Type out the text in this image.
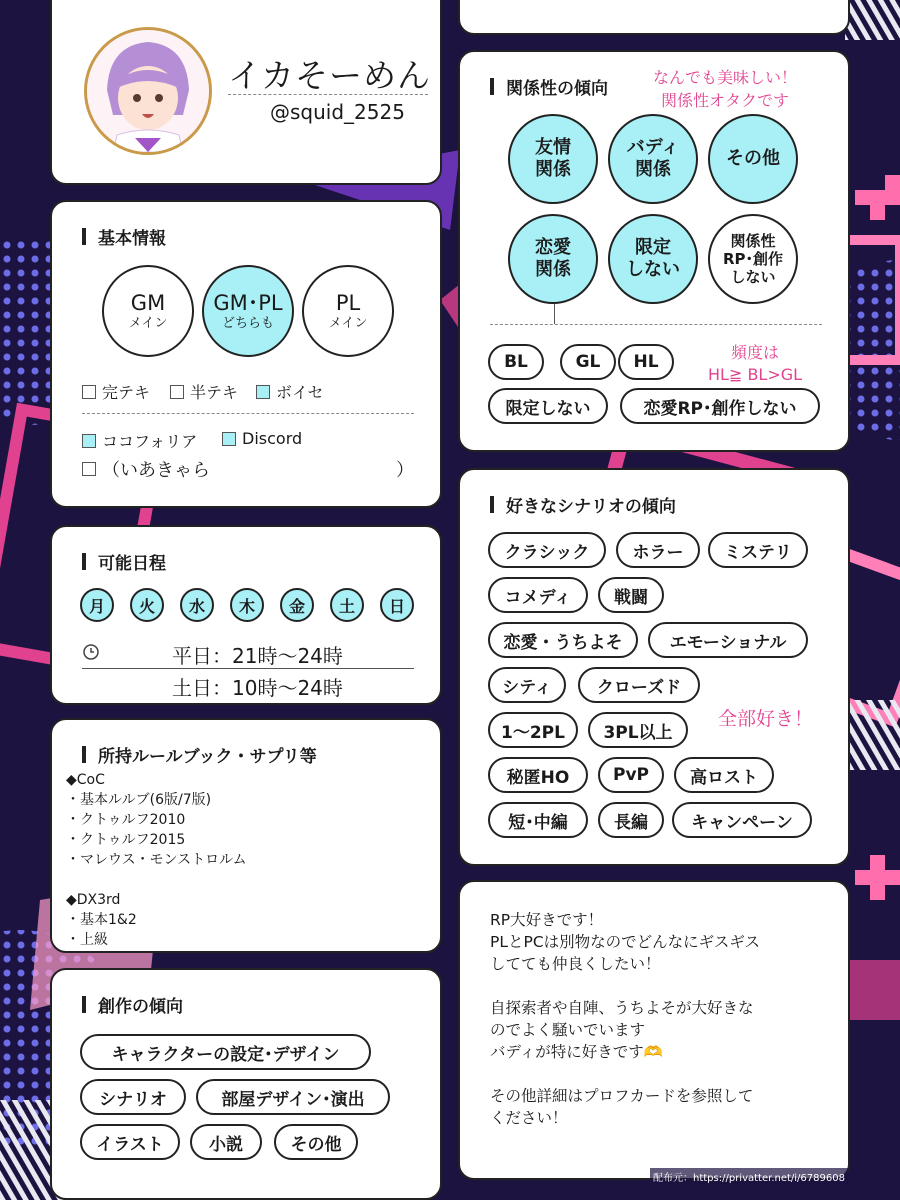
イカそーめん
@squid_2525
基本情報
GM
メイン
GM･PL
どちらも
PL
メイン
完テキ 半テキ ボイセ
ココフォリア	Discord
（いあきゃら	）
可能日程
月	火	水	木	金	土	日
平日：21時〜24時
土日：10時〜24時
所持ルールブック・サプリ等
◆CoC
・基本ルルブ(6版/7版)
・クトゥルフ2010
・クトゥルフ2015
・マレウス・モンストロルム

◆DX3rd
・基本1&2
・上級
創作の傾向
キャラクターの設定･デザイン
シナリオ	部屋デザイン･演出
イラスト	小説	その他
関係性の傾向
なんでも美味しい！
関係性オタクです
友情
関係
バディ
関係
その他
恋愛
関係
限定
しない
関係性
RP･創作
しない
BL	GL	HL
限定しない	恋愛RP･創作しない
頻度は
HL≧ BL>GL
好きなシナリオの傾向
クラシック	ホラー	ミステリ
コメディ	戦闘
恋愛・うちよそ	エモーショナル
シティ	クローズド
1〜2PL	3PL以上
秘匿HO	PvP	高ロスト
短･中編	長編	キャンペーン
全部好き！
RP大好きです！
PLとPCは別物なのでどんなにギスギス
してても仲良くしたい！

自探索者や自陣、うちよそが大好きな
のでよく騒いでいます
バディが特に好きです🫶

その他詳細はプロフカードを参照して
ください！
配布元：https://privatter.net/i/6789608
